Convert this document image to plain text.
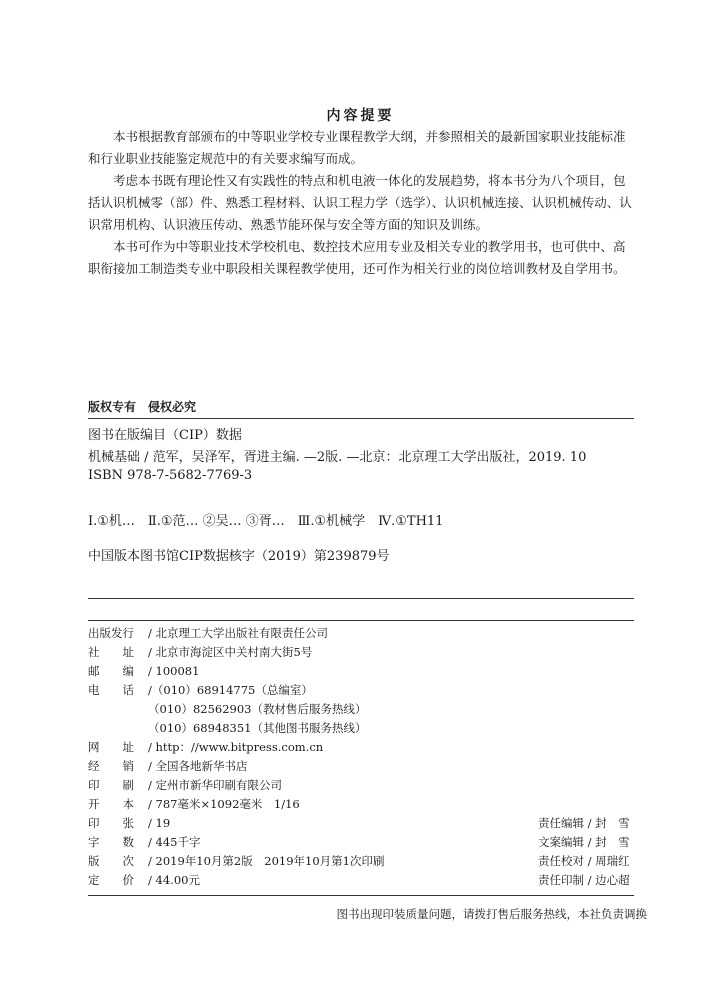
内容提要

本书根据教育部颁布的中等职业学校专业课程教学大纲，并参照相关的最新国家职业技能标准和行业职业技能鉴定规范中的有关要求编写而成。

考虑本书既有理论性又有实践性的特点和机电液一体化的发展趋势，将本书分为八个项目，包括认识机械零（部）件、熟悉工程材料、认识工程力学（选学）、认识机械连接、认识机械传动、认识常用机构、认识液压传动、熟悉节能环保与安全等方面的知识及训练。

本书可作为中等职业技术学校机电、数控技术应用专业及相关专业的教学用书，也可供中、高职衔接加工制造类专业中职段相关课程教学使用，还可作为相关行业的岗位培训教材及自学用书。

版权专有　侵权必究
图书在版编目（CIP）数据
机械基础 / 范军，吴泽军，胥进主编. —2版. —北京：北京理工大学出版社，2019. 10
ISBN 978-7-5682-7769-3
Ⅰ.①机…　Ⅱ.①范… ②吴… ③胥…　Ⅲ.①机械学　Ⅳ.①TH11
中国版本图书馆CIP数据核字（2019）第239879号
出版发行 / 北京理工大学出版社有限责任公司
社　　址 / 北京市海淀区中关村南大街5号
邮　　编 / 100081
电　　话 /（010）68914775（总编室）
（010）82562903（教材售后服务热线）
（010）68948351（其他图书服务热线）
网　　址 / http：//www.bitpress.com.cn
经　　销 / 全国各地新华书店
印　　刷 / 定州市新华印刷有限公司
开　　本 / 787毫米×1092毫米　1/16
印　　张 / 19
字　　数 / 445千字
版　　次 / 2019年10月第2版　2019年10月第1次印刷
定　　价 / 44.00元
责任编辑 / 封　雪
文案编辑 / 封　雪
责任校对 / 周瑞红
责任印制 / 边心超
图书出现印装质量问题，请拨打售后服务热线，本社负责调换
